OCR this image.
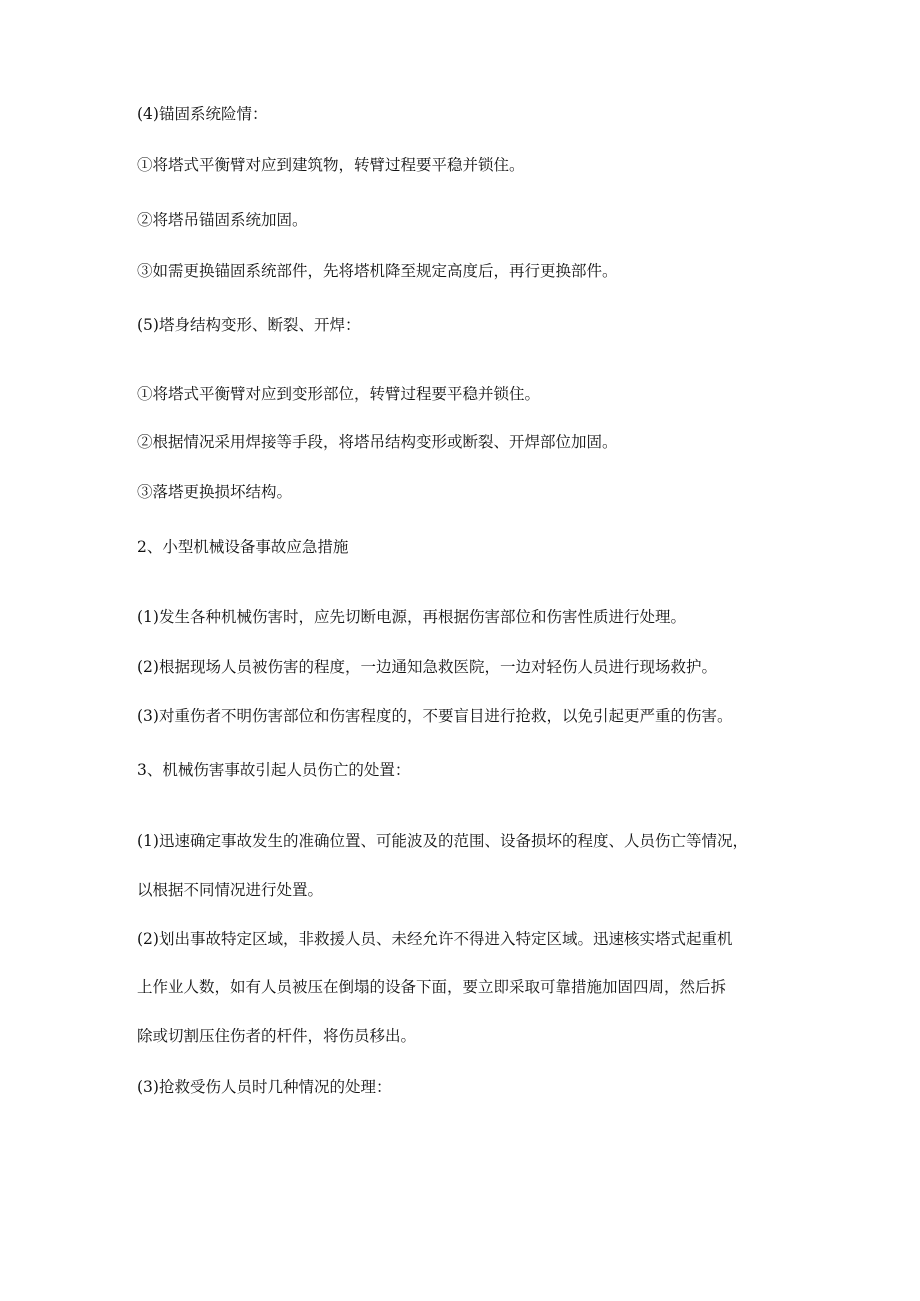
(4)锚固系统险情：
①将塔式平衡臂对应到建筑物，转臂过程要平稳并锁住。
②将塔吊锚固系统加固。
③如需更换锚固系统部件，先将塔机降至规定高度后，再行更换部件。
(5)塔身结构变形、断裂、开焊：
①将塔式平衡臂对应到变形部位，转臂过程要平稳并锁住。
②根据情况采用焊接等手段，将塔吊结构变形或断裂、开焊部位加固。
③落塔更换损坏结构。
2、小型机械设备事故应急措施
(1)发生各种机械伤害时，应先切断电源，再根据伤害部位和伤害性质进行处理。
(2)根据现场人员被伤害的程度，一边通知急救医院，一边对轻伤人员进行现场救护。
(3)对重伤者不明伤害部位和伤害程度的，不要盲目进行抢救，以免引起更严重的伤害。
3、机械伤害事故引起人员伤亡的处置：
(1)迅速确定事故发生的准确位置、可能波及的范围、设备损坏的程度、人员伤亡等情况，
以根据不同情况进行处置。
(2)划出事故特定区域，非救援人员、未经允许不得进入特定区域。迅速核实塔式起重机
上作业人数，如有人员被压在倒塌的设备下面，要立即采取可靠措施加固四周，然后拆
除或切割压住伤者的杆件，将伤员移出。
(3)抢救受伤人员时几种情况的处理：
